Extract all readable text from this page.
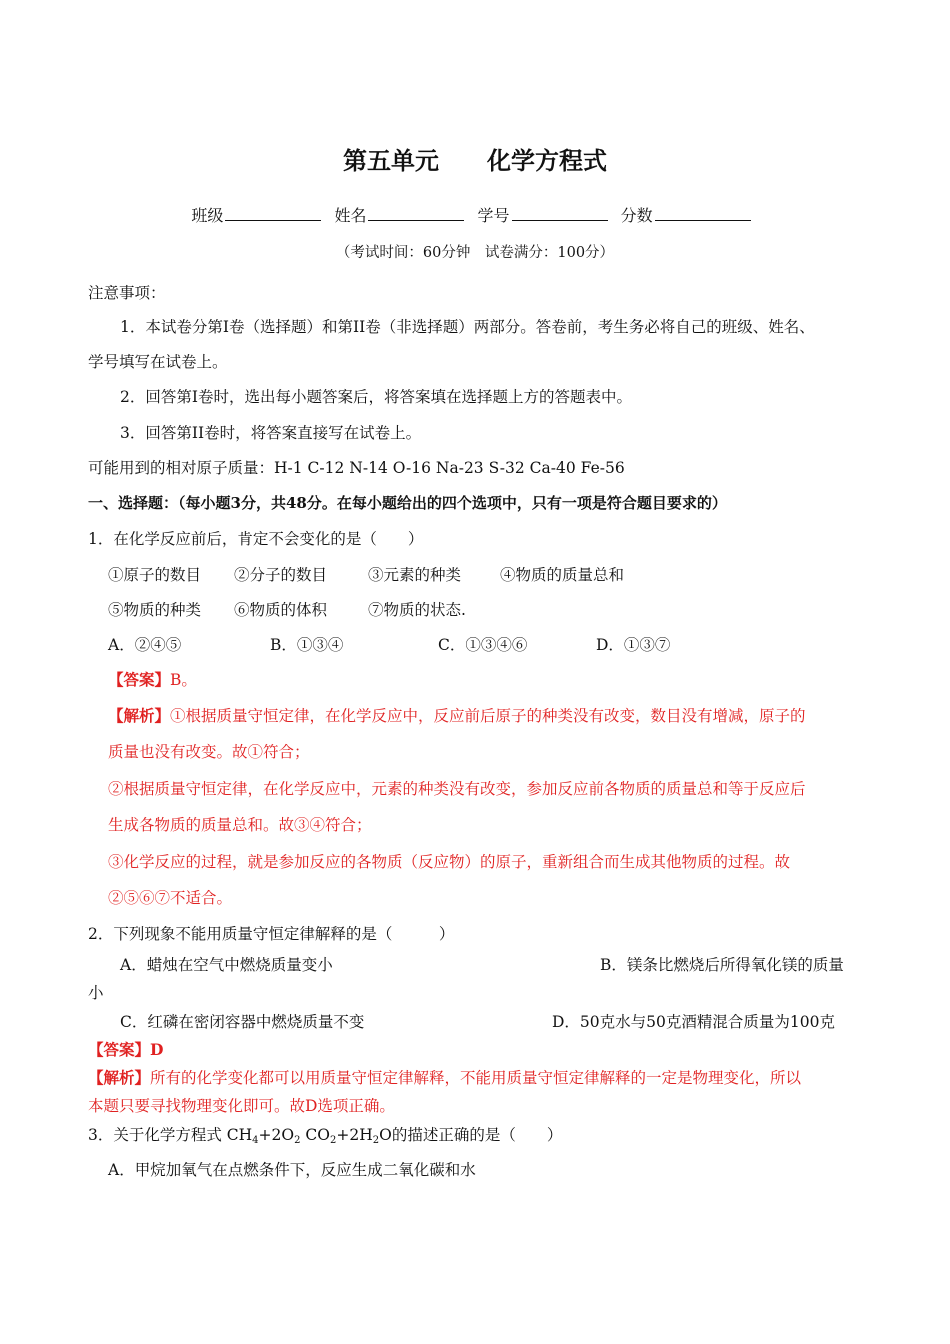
第五单元　　化学方程式
班级	姓名	学号	分数
（考试时间：60分钟　试卷满分：100分）
注意事项：
1．本试卷分第I卷（选择题）和第II卷（非选择题）两部分。答卷前，考生务必将自己的班级、姓名、
学号填写在试卷上。
2．回答第I卷时，选出每小题答案后，将答案填在选择题上方的答题表中。
3．回答第II卷时，将答案直接写在试卷上。
可能用到的相对原子质量：H-1 C-12 N-14 O-16 Na-23 S-32 Ca-40 Fe-56
一、选择题：（每小题3分，共48分。在每小题给出的四个选项中，只有一项是符合题目要求的）
1．在化学反应前后，肯定不会变化的是（　　）
①原子的数目 ②分子的数目	③元素的种类	④物质的质量总和
⑤物质的种类 ⑥物质的体积	⑦物质的状态.
A．②④⑤	B．①③④	C．①③④⑥	D．①③⑦
【答案】B。
【解析】①根据质量守恒定律，在化学反应中，反应前后原子的种类没有改变，数目没有增减，原子的
质量也没有改变。故①符合；
②根据质量守恒定律，在化学反应中，元素的种类没有改变，参加反应前各物质的质量总和等于反应后
生成各物质的质量总和。故③④符合；
③化学反应的过程，就是参加反应的各物质（反应物）的原子，重新组合而生成其他物质的过程。故
②⑤⑥⑦不适合。
2．下列现象不能用质量守恒定律解释的是（　　　）
A．蜡烛在空气中燃烧质量变小	B．镁条比燃烧后所得氧化镁的质量
小
C．红磷在密闭容器中燃烧质量不变	D．50克水与50克酒精混合质量为100克
【答案】D
【解析】所有的化学变化都可以用质量守恒定律解释，不能用质量守恒定律解释的一定是物理变化，所以
本题只要寻找物理变化即可。故D选项正确。
3．关于化学方程式 $CH_4+2O_2$ $CO_2+2H_2O$的描述正确的是（　　）
A．甲烷加氧气在点燃条件下，反应生成二氧化碳和水
